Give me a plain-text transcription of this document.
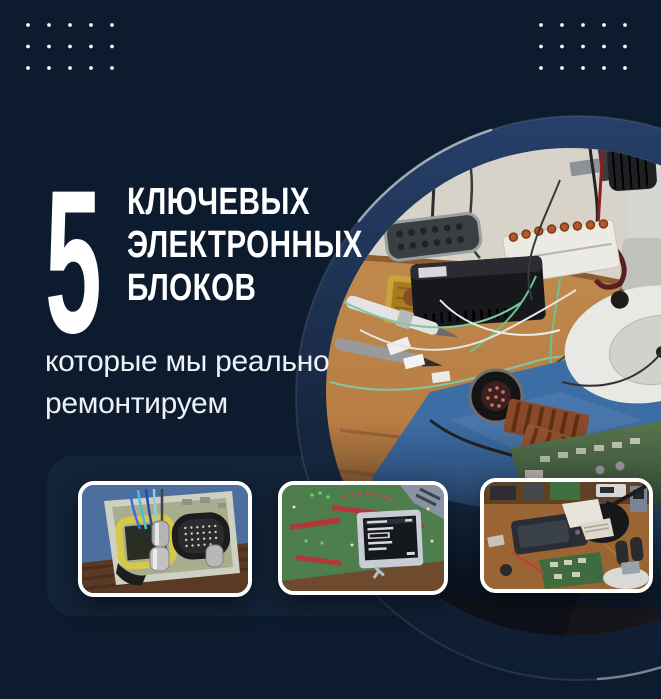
5 КЛЮЧЕВЫХ
ЭЛЕКТРОННЫХ
БЛОКОВ
которые мы реально
ремонтируем
